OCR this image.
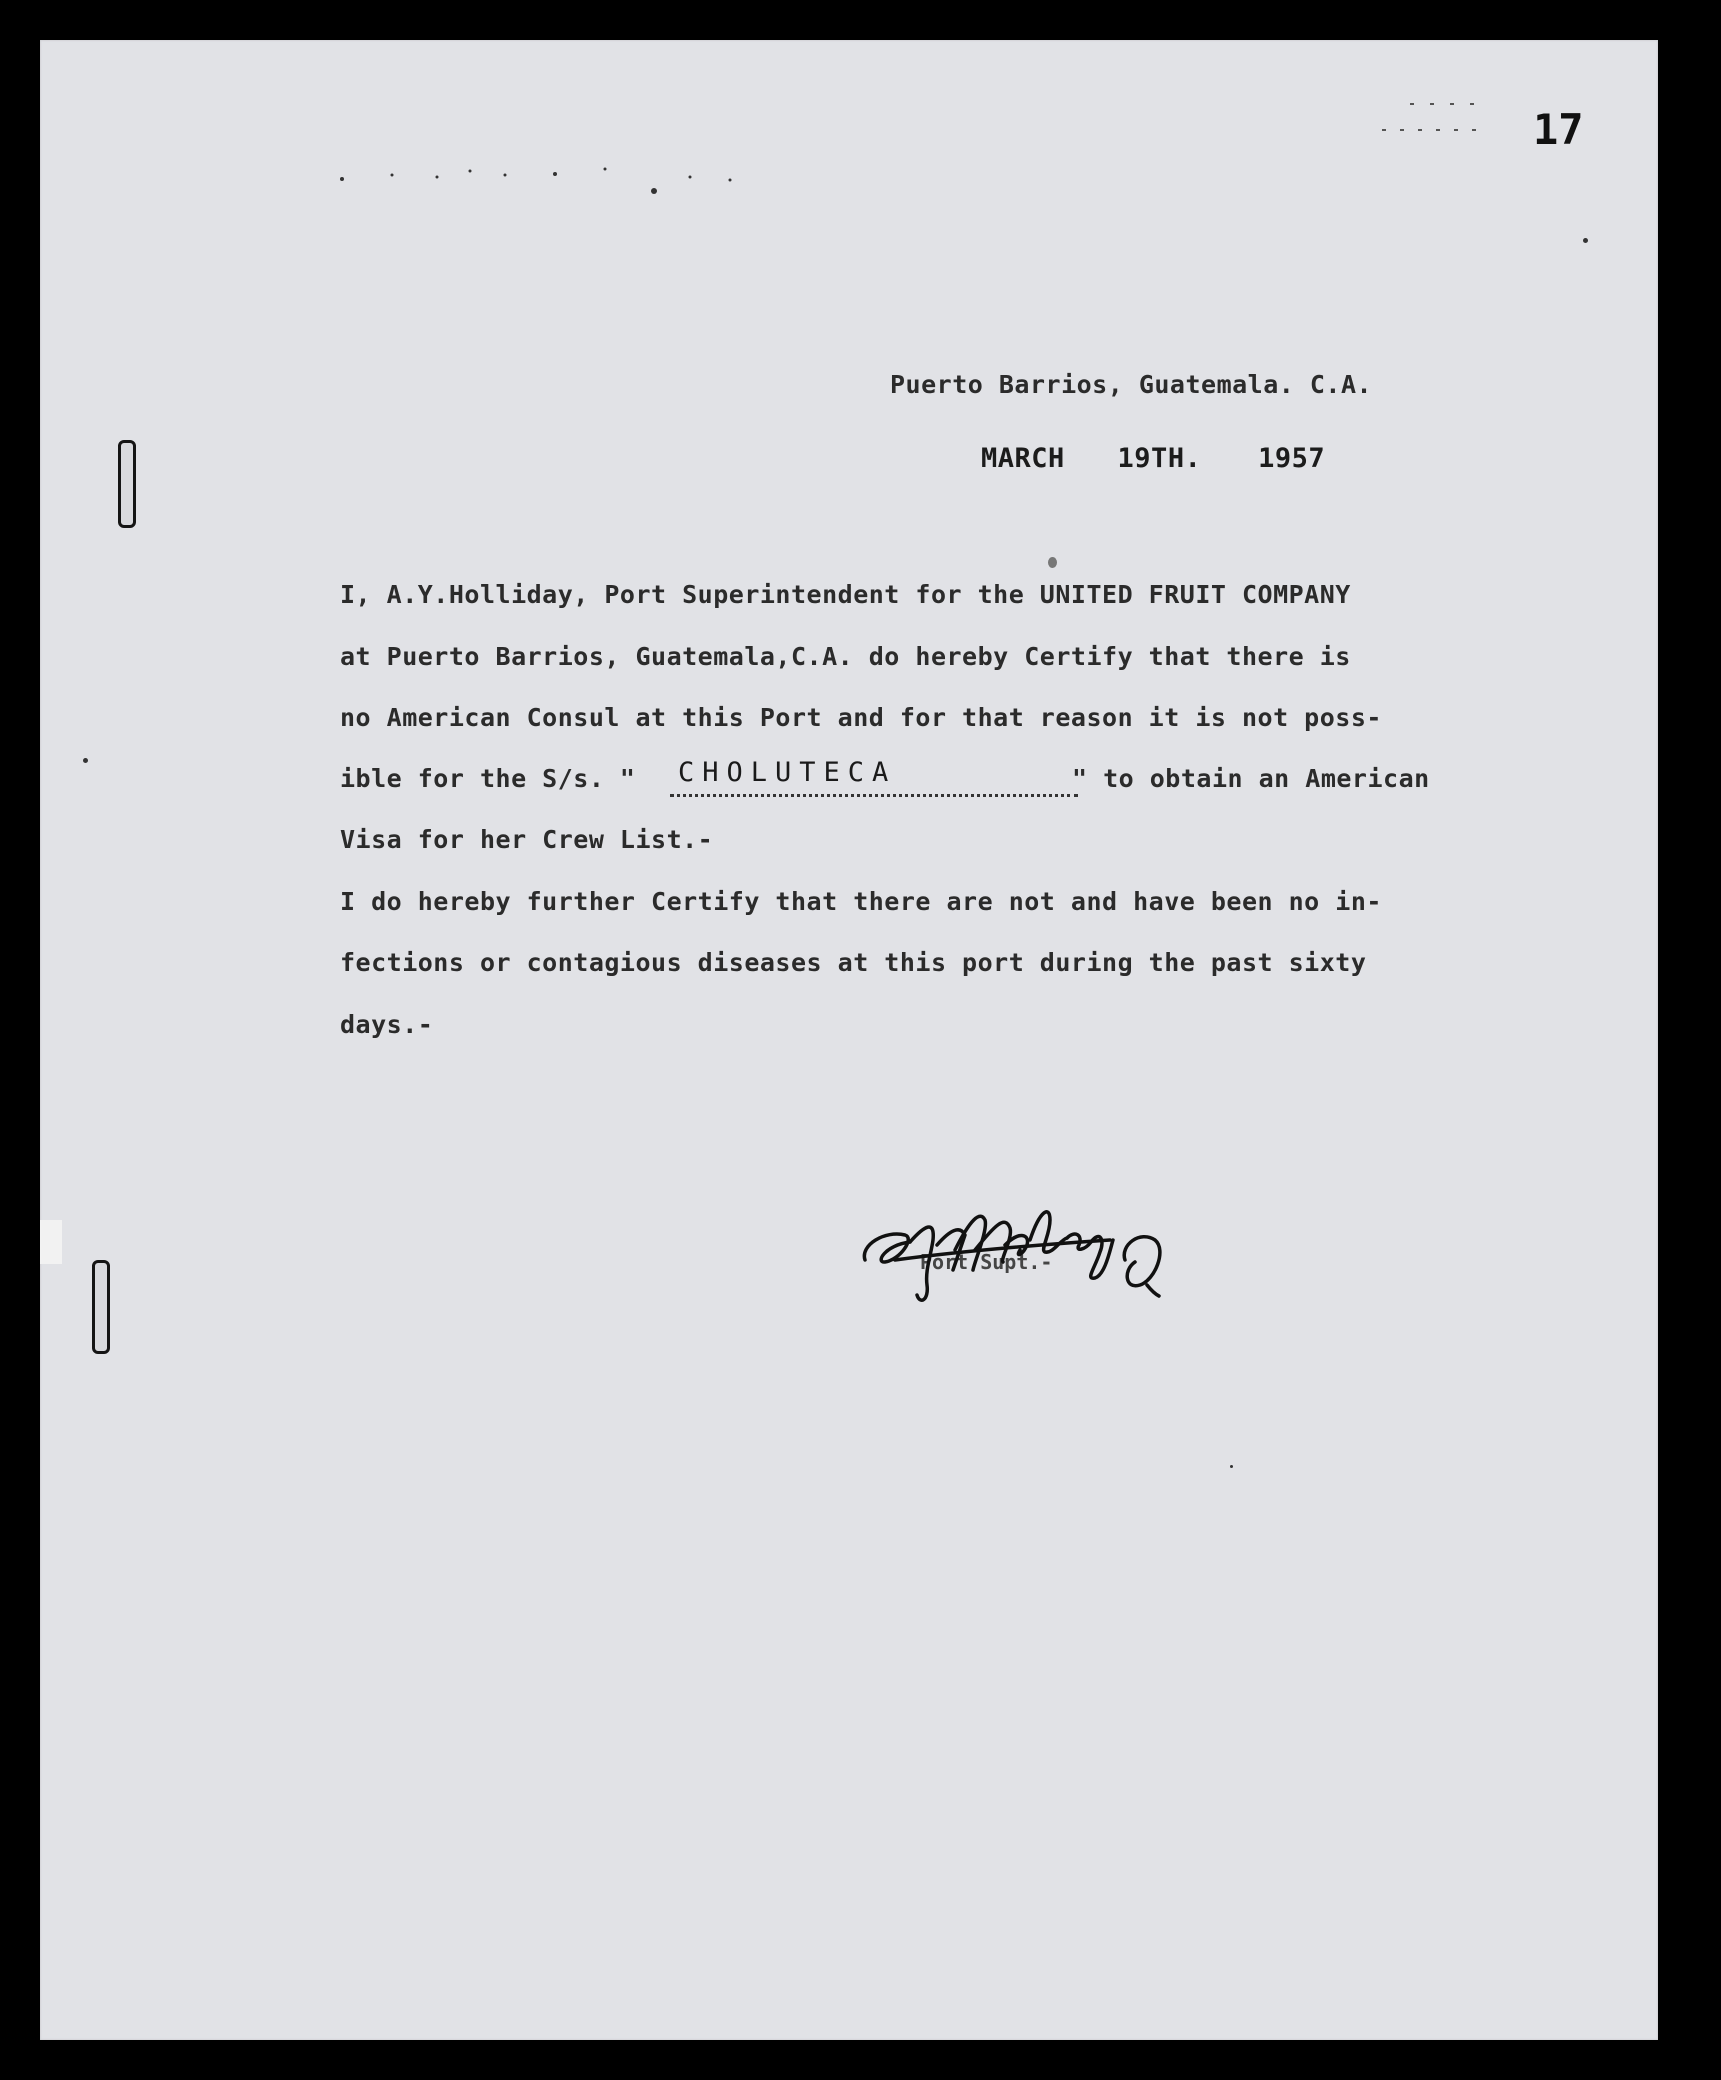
17
Puerto Barrios, Guatemala. C.A.
MARCH 19TH. 1957
I, A.Y.Holliday, Port Superintendent for the UNITED FRUIT COMPANY
at Puerto Barrios, Guatemala,C.A. do hereby Certify that there is
no American Consul at this Port and for that reason it is not poss-
ible for the S/s. " CHOLUTECA	" to obtain an American
Visa for her Crew List.-
I do hereby further Certify that there are not and have been no in-
fections or contagious diseases at this port during the past sixty
days.-
Port Supt.-
